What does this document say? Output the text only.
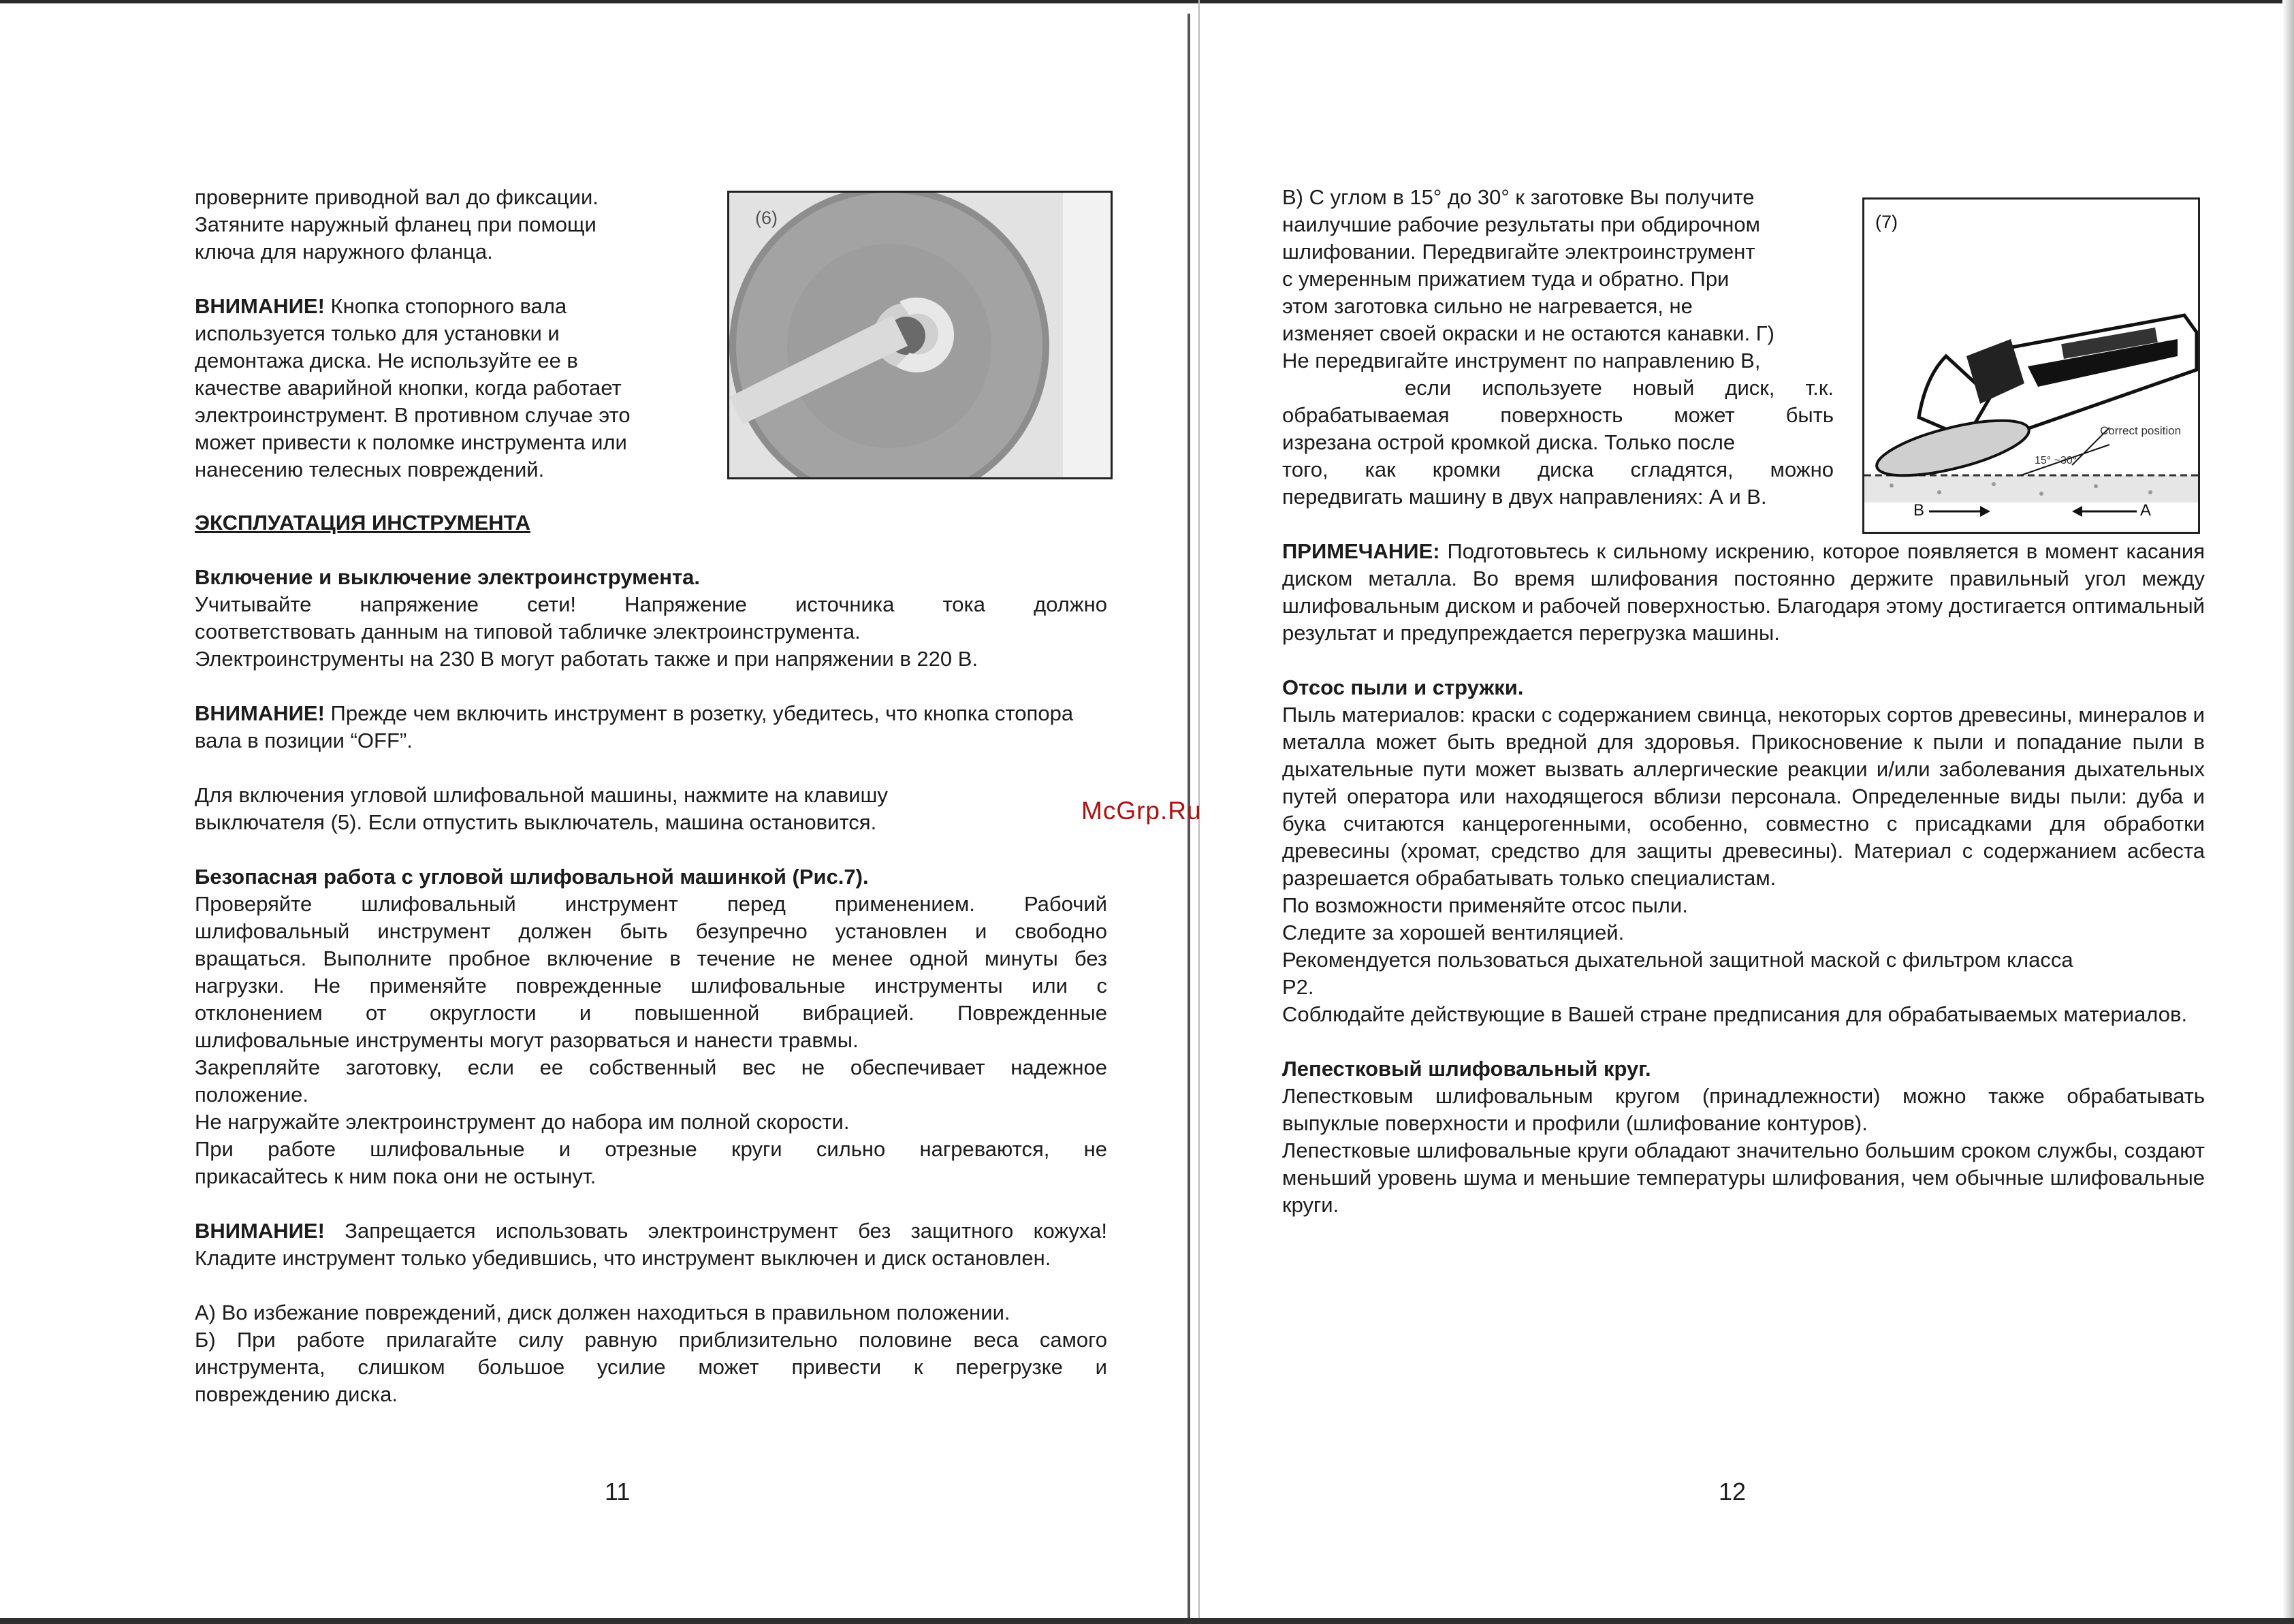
проверните приводной вал до фиксации.

Затяните наружный фланец при помощи

ключа для наружного фланца.

ВНИМАНИЕ! Кнопка стопорного вала

используется только для установки и

демонтажа диска. Не используйте ее в

качестве аварийной кнопки, когда работает

электроинструмент. В противном случае это

может привести к поломке инструмента или

нанесению телесных повреждений.

(6)

ЭКСПЛУАТАЦИЯ ИНСТРУМЕНТА

Включение и выключение электроинструмента.

Учитывайте напряжение сети! Напряжение источника тока должно

соответствовать данным на типовой табличке электроинструмента.

Электроинструменты на 230 В могут работать также и при напряжении в 220 В.

ВНИМАНИЕ! Прежде чем включить инструмент в розетку, убедитесь, что кнопка стопора вала в позиции “OFF”.

Для включения угловой шлифовальной машины, нажмите на клавишу

выключателя (5). Если отпустить выключатель, машина остановится.

Безопасная работа с угловой шлифовальной машинкой (Рис.7).

Проверяйте шлифовальный инструмент перед применением. Рабочий

шлифовальный инструмент должен быть безупречно установлен и свободно

вращаться. Выполните пробное включение в течение не менее одной минуты без

нагрузки. Не применяйте поврежденные шлифовальные инструменты или с

отклонением от округлости и повышенной вибрацией. Поврежденные

шлифовальные инструменты могут разорваться и нанести травмы.

Закрепляйте заготовку, если ее собственный вес не обеспечивает надежное

положение.

Не нагружайте электроинструмент до набора им полной скорости.

При работе шлифовальные и отрезные круги сильно нагреваются, не

прикасайтесь к ним пока они не остынут.

ВНИМАНИЕ! Запрещается использовать электроинструмент без защитного кожуха! Кладите инструмент только убедившись, что инструмент выключен и диск остановлен.

А) Во избежание повреждений, диск должен находиться в правильном положении.

Б) При работе прилагайте силу равную приблизительно половине веса самого

инструмента, слишком большое усилие может привести к перегрузке и

повреждению диска.

11
McGrp.Ru

В) С углом в 15° до 30° к заготовке Вы получите

наилучшие рабочие результаты при обдирочном

шлифовании. Передвигайте электроинструмент

с умеренным прижатием туда и обратно. При

этом заготовка сильно не нагревается, не

изменяет своей окраски и не остаются канавки. Г)

Не передвигайте инструмент по направлению В,

если используете новый диск, т.к.

обрабатываемая поверхность может быть

изрезана острой кромкой диска. Только после

того, как кромки диска сгладятся, можно

передвигать машину в двух направлениях: А и В.

(7)
Correct position
15° ~30°
B	A

ПРИМЕЧАНИЕ: Подготовьтесь к сильному искрению, которое появляется в момент касания диском металла. Во время шлифования постоянно держите правильный угол между шлифовальным диском и рабочей поверхностью. Благодаря этому достигается оптимальный результат и предупреждается перегрузка машины.

Отсос пыли и стружки.

Пыль материалов: краски с содержанием свинца, некоторых сортов древесины, минералов и металла может быть вредной для здоровья. Прикосновение к пыли и попадание пыли в дыхательные пути может вызвать аллергические реакции и/или заболевания дыхательных путей оператора или находящегося вблизи персонала. Определенные виды пыли: дуба и бука считаются канцерогенными, особенно, совместно с присадками для обработки древесины (хромат, средство для защиты древесины). Материал с содержанием асбеста разрешается обрабатывать только специалистам.

По возможности применяйте отсос пыли.

Следите за хорошей вентиляцией.

Рекомендуется пользоваться дыхательной защитной маской с фильтром класса

Р2.

Соблюдайте действующие в Вашей стране предписания для обрабатываемых материалов.

Лепестковый шлифовальный круг.

Лепестковым шлифовальным кругом (принадлежности) можно также обрабатывать выпуклые поверхности и профили (шлифование контуров).

Лепестковые шлифовальные круги обладают значительно большим сроком службы, создают меньший уровень шума и меньшие температуры шлифования, чем обычные шлифовальные круги.

12
